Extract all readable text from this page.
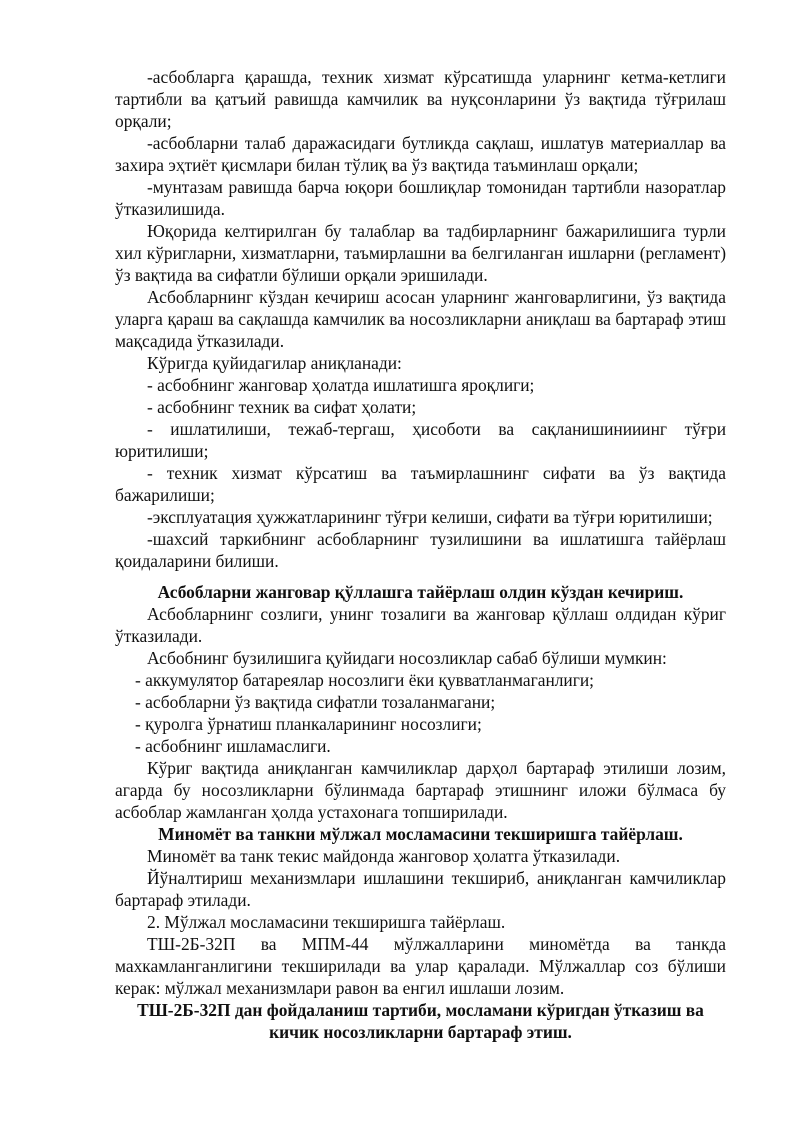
-асбобларга қарашда, техник хизмат кўрсатишда уларнинг кетма-кетлиги тартибли ва қатъий равишда камчилик ва нуқсонларини ўз вақтида тўғрилаш орқали;

-асбобларни талаб даражасидаги бутликда сақлаш, ишлатув материаллар ва захира эҳтиёт қисмлари билан тўлиқ ва ўз вақтида таъминлаш орқали;

-мунтазам равишда барча юқори бошлиқлар томонидан тартибли назоратлар ўтказилишида.

Юқорида келтирилган бу талаблар ва тадбирларнинг бажарилишига турли хил кўригларни, хизматларни, таъмирлашни ва белгиланган ишларни (регламент) ўз вақтида ва сифатли бўлиши орқали эришилади.

Асбобларнинг кўздан кечириш асосан уларнинг жанговарлигини, ўз вақтида уларга қараш ва сақлашда камчилик ва носозликларни аниқлаш ва бартараф этиш мақсадида ўтказилади.

Кўригда қуйидагилар аниқланади:

- асбобнинг жанговар ҳолатда ишлатишга яроқлиги;

- асбобнинг техник ва сифат ҳолати;

- ишлатилиши, тежаб-тергаш, ҳисоботи ва сақланишинииинг тўғри юритилиши;

- техник хизмат кўрсатиш ва таъмирлашнинг сифати ва ўз вақтида бажарилиши;

-эксплуатация ҳужжатларининг тўғри келиши, сифати ва тўғри юритилиши;

-шахсий таркибнинг асбобларнинг тузилишини ва ишлатишга тайёрлаш қоидаларини билиши.

Асбобларни жанговар қўллашга тайёрлаш олдин кўздан кечириш.

Асбобларнинг созлиги, унинг тозалиги ва жанговар қўллаш олдидан кўриг ўтказилади.

Асбобнинг бузилишига қуйидаги носозликлар сабаб бўлиши мумкин:

- аккумулятор батареялар носозлиги ёки қувватланмаганлиги;

- асбобларни ўз вақтида сифатли тозаланмагани;

- қуролга ўрнатиш планкаларининг носозлиги;

- асбобнинг ишламаслиги.

Кўриг вақтида аниқланган камчиликлар дарҳол бартараф этилиши лозим, агарда бу носозликларни бўлинмада бартараф этишнинг иложи бўлмаса бу асбоблар жамланган ҳолда устахонага топширилади.

Миномёт ва танкни мўлжал мосламасини текширишга тайёрлаш.

Миномёт ва танк текис майдонда жанговор ҳолатга ўтказилади.

Йўналтириш механизмлари ишлашини текшириб, аниқланган камчиликлар бартараф этилади.

2. Мўлжал мосламасини текширишга тайёрлаш.

ТШ-2Б-32П ва МПМ-44 мўлжалларини миномётда ва танкда махкамланганлигини текширилади ва улар қаралади. Мўлжаллар соз бўлиши керак: мўлжал механизмлари равон ва енгил ишлаши лозим.

ТШ-2Б-32П дан фойдаланиш тартиби, мосламани кўригдан ўтказиш ва кичик носозликларни бартараф этиш.
